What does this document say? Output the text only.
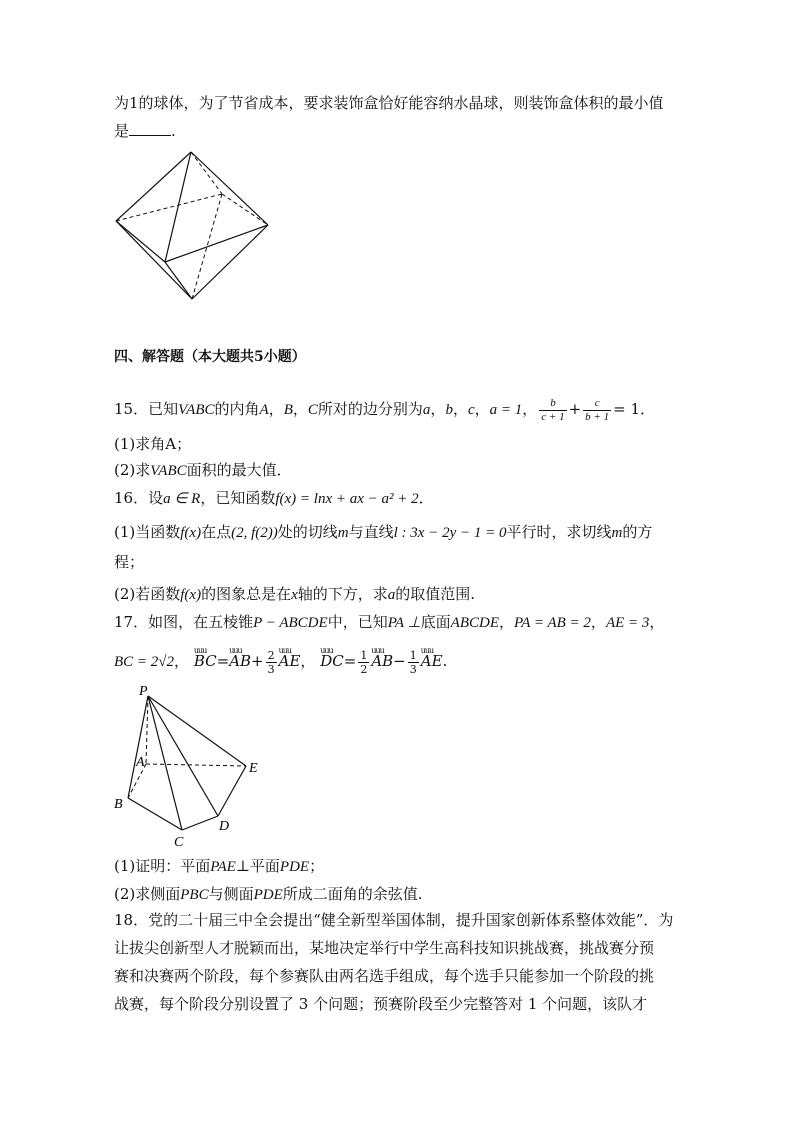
为1的球体，为了节省成本，要求装饰盒恰好能容纳水晶球，则装饰盒体积的最小值
是	.
四、解答题（本大题共5小题）
15．已知VABC的内角A，B，C所对的边分别为a，b，c，a = 1， $\frac{b}{c + 1} + \frac{c}{b + 1} = 1$．
(1)求角A；
(2)求VABC面积的最大值．
16．设a ∈ R，已知函数f(x) = lnx + ax − a² + 2．
(1)当函数f(x)在点(2, f(2))处的切线m与直线l : 3x − 2y − 1 = 0平行时，求切线m的方
程；
(2)若函数f(x)的图象总是在x轴的下方，求a的取值范围.
17．如图，在五棱锥P − ABCDE中，已知PA ⊥底面ABCDE，PA = AB = 2，AE = 3，
BC = 2√2， uuu BC=uuu $AB+ \frac{2}{3}$ uuu AE， uuu $DC= \frac{1}{2}$ uuu $AB- \frac{1}{3}$ uuu AE.
P
A
B
C
D
E
(1)证明：平面PAE⊥平面PDE；
(2)求侧面PBC与侧面PDE所成二面角的余弦值.
18．党的二十届三中全会提出“健全新型举国体制，提升国家创新体系整体效能”．为
让拔尖创新型人才脱颖而出，某地决定举行中学生高科技知识挑战赛，挑战赛分预
赛和决赛两个阶段，每个参赛队由两名选手组成，每个选手只能参加一个阶段的挑
战赛，每个阶段分别设置了 3 个问题；预赛阶段至少完整答对 1 个问题，该队才
